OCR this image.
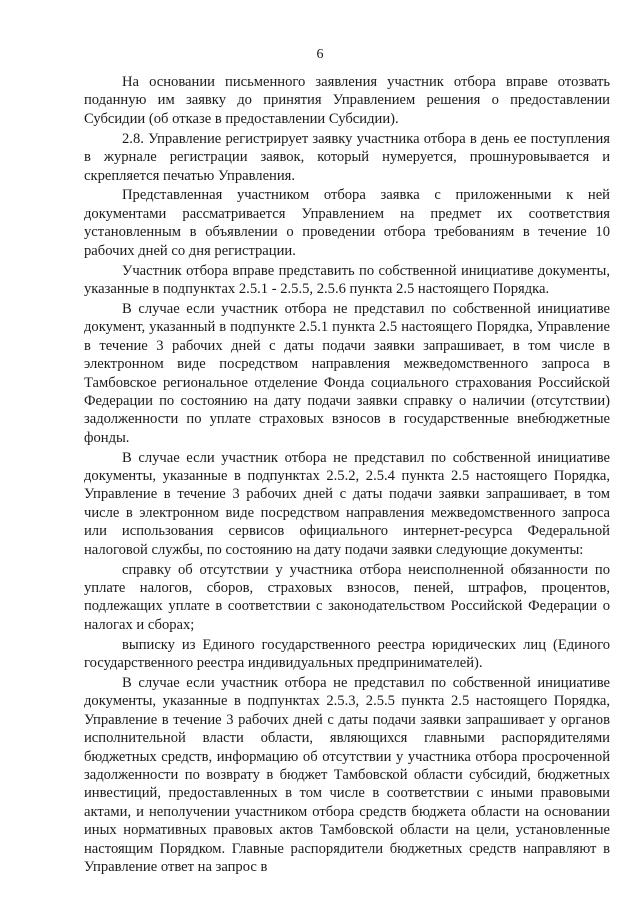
6

На основании письменного заявления участник отбора вправе отозвать поданную им заявку до принятия Управлением решения о предоставлении Субсидии (об отказе в предоставлении Субсидии).

2.8. Управление регистрирует заявку участника отбора в день ее поступления в журнале регистрации заявок, который нумеруется, прошнуровывается и скрепляется печатью Управления.

Представленная участником отбора заявка с приложенными к ней документами рассматривается Управлением на предмет их соответствия установленным в объявлении о проведении отбора требованиям в течение 10 рабочих дней со дня регистрации.

Участник отбора вправе представить по собственной инициативе документы, указанные в подпунктах 2.5.1 - 2.5.5, 2.5.6 пункта 2.5 настоящего Порядка.

В случае если участник отбора не представил по собственной инициативе документ, указанный в подпункте 2.5.1 пункта 2.5 настоящего Порядка, Управление в течение 3 рабочих дней с даты подачи заявки запрашивает, в том числе в электронном виде посредством направления межведомственного запроса в Тамбовское региональное отделение Фонда социального страхования Российской Федерации по состоянию на дату подачи заявки справку о наличии (отсутствии) задолженности по уплате страховых взносов в государственные внебюджетные фонды.

В случае если участник отбора не представил по собственной инициативе документы, указанные в подпунктах 2.5.2, 2.5.4 пункта 2.5 настоящего Порядка, Управление в течение 3 рабочих дней с даты подачи заявки запрашивает, в том числе в электронном виде посредством направления межведомственного запроса или использования сервисов официального интернет-ресурса Федеральной налоговой службы, по состоянию на дату подачи заявки следующие документы:

справку об отсутствии у участника отбора неисполненной обязанности по уплате налогов, сборов, страховых взносов, пеней, штрафов, процентов, подлежащих уплате в соответствии с законодательством Российской Федерации о налогах и сборах;

выписку из Единого государственного реестра юридических лиц (Единого государственного реестра индивидуальных предпринимателей).

В случае если участник отбора не представил по собственной инициативе документы, указанные в подпунктах 2.5.3, 2.5.5 пункта 2.5 настоящего Порядка, Управление в течение 3 рабочих дней с даты подачи заявки запрашивает у органов исполнительной власти области, являющихся главными распорядителями бюджетных средств, информацию об отсутствии у участника отбора просроченной задолженности по возврату в бюджет Тамбовской области субсидий, бюджетных инвестиций, предоставленных в том числе в соответствии с иными правовыми актами, и неполучении участником отбора средств бюджета области на основании иных нормативных правовых актов Тамбовской области на цели, установленные настоящим Порядком. Главные распорядители бюджетных средств направляют в Управление ответ на запрос в
